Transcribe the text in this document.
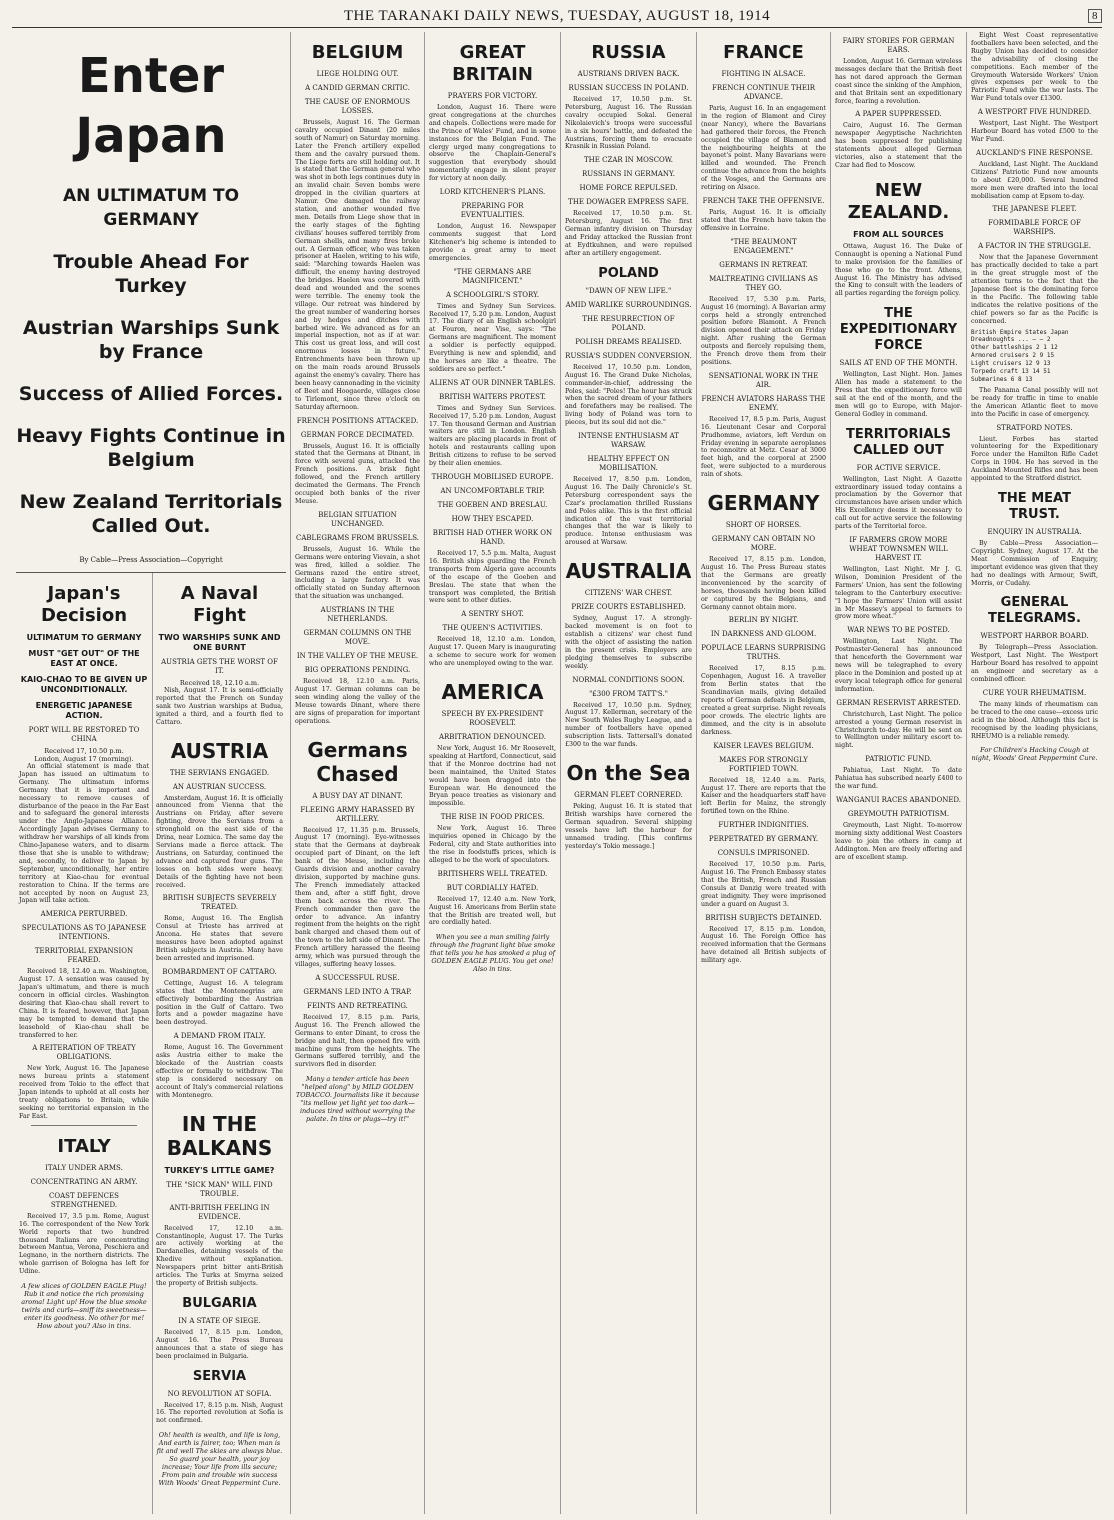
THE TARANAKI DAILY NEWS, TUESDAY, AUGUST 18, 1914	8
Enter Japan
AN ULTIMATUM TO GERMANY
Trouble Ahead For Turkey
Austrian Warships Sunk by France
Success of Allied Forces.
Heavy Fights Continue in Belgium
New Zealand Territorials Called Out.
By Cable—Press Association—Copyright
Japan's Decision
ULTIMATUM TO GERMANY
MUST "GET OUT" OF THE EAST AT ONCE.
KAIO-CHAO TO BE GIVEN UP UNCONDITIONALLY.
ENERGETIC JAPANESE ACTION.
PORT WILL BE RESTORED TO CHINA
Received 17, 10.50 p.m.
London, August 17 (morning).

An official statement is made that Japan has issued an ultimatum to Germany. The ultimatum informs Germany that it is important and necessary to remove causes of disturbance of the peace in the Far East and to safeguard the general interests under the Anglo-Japanese Alliance. Accordingly Japan advises Germany to withdraw her warships of all kinds from Chino-Japanese waters, and to disarm those that she is unable to withdraw; and, secondly, to deliver to Japan by September, unconditionally, her entire territory at Kiao-chau for eventual restoration to China. If the terms are not accepted by noon on August 23, Japan will take action.

AMERICA PERTURBED.
SPECULATIONS AS TO JAPANESE INTENTIONS.
TERRITORIAL EXPANSION FEARED.

Received 18, 12.40 a.m. Washington, August 17. A sensation was caused by Japan's ultimatum, and there is much concern in official circles. Washington desiring that Kiao-chau shall revert to China. It is feared, however, that Japan may be tempted to demand that the leasehold of Kiao-chau shall be transferred to her.

A REITERATION OF TREATY OBLIGATIONS.

New York, August 16. The Japanese news bureau prints a statement received from Tokio to the effect that Japan intends to uphold at all costs her treaty obligations to Britain, while seeking no territorial expansion in the Far East.

ITALY
ITALY UNDER ARMS.
CONCENTRATING AN ARMY.
COAST DEFENCES STRENGTHENED.

Received 17, 3.5 p.m. Rome, August 16. The correspondent of the New York World reports that two hundred thousand Italians are concentrating between Mantua, Verona, Peschiera and Legnano, in the northern districts. The whole garrison of Bologna has left for Udine.

A few slices of GOLDEN EAGLE Plug! Rub it and notice the rich promising aroma! Light up! How the blue smoke twirls and curls—sniff its sweetness—enter its goodness. No other for me! How about you? Also in tins.
A Naval Fight
TWO WARSHIPS SUNK AND ONE BURNT
AUSTRIA GETS THE WORST OF IT.
Received 18, 12.10 a.m.

Nish, August 17. It is semi-officially reported that the French on Sunday sank two Austrian warships at Budua, ignited a third, and a fourth fled to Cattaro.

AUSTRIA
THE SERVIANS ENGAGED.
AN AUSTRIAN SUCCESS.

Amsterdam, August 16. It is officially announced from Vienna that the Austrians on Friday, after severe fighting, drove the Servians from a stronghold on the east side of the Drina, near Loznica. The same day the Servians made a fierce attack. The Austrians, on Saturday, continued the advance and captured four guns. The losses on both sides were heavy. Details of the fighting have not been received.

BRITISH SUBJECTS SEVERELY TREATED.

Rome, August 16. The English Consul at Trieste has arrived at Ancona. He states that severe measures have been adopted against British subjects in Austria. Many have been arrested and imprisoned.

BOMBARDMENT OF CATTARO.

Cettinge, August 16. A telegram states that the Montenegrins are effectively bombarding the Austrian position in the Gulf of Cattaro. Two forts and a powder magazine have been destroyed.

A DEMAND FROM ITALY.

Rome, August 16. The Government asks Austria either to make the blockade of the Austrian coasts effective or formally to withdraw. The step is considered necessary on account of Italy's commercial relations with Montenegro.

IN THE BALKANS
TURKEY'S LITTLE GAME?
THE "SICK MAN" WILL FIND TROUBLE.
ANTI-BRITISH FEELING IN EVIDENCE.

Received 17, 12.10 a.m. Constantinople, August 17. The Turks are actively working at the Dardanelles, detaining vessels of the Khedive without explanation. Newspapers print bitter anti-British articles. The Turks at Smyrna seized the property of British subjects.

BULGARIA
IN A STATE OF SIEGE.

Received 17, 8.15 p.m. London, August 16. The Press Bureau announces that a state of siege has been proclaimed in Bulgaria.

SERVIA
NO REVOLUTION AT SOFIA.

Received 17, 8.15 p.m. Nish, August 16. The reported revolution at Sofia is not confirmed.

Oh! health is wealth, and life is long, And earth is fairer, too; When man is fit and well The skies are always blue. So guard your health, your joy increase; Your life from ills secure; From pain and trouble win success With Woods' Great Peppermint Cure.
BELGIUM
LIEGE HOLDING OUT.
A CANDID GERMAN CRITIC.
THE CAUSE OF ENORMOUS LOSSES.

Brussels, August 16. The German cavalry occupied Dinant (20 miles south of Namur) on Saturday morning. Later the French artillery expelled them and the cavalry pursued them. The Liege forts are still holding out. It is stated that the German general who was shot in both legs continues duty in an invalid chair. Seven bombs were dropped in the civilian quarters at Namur. One damaged the railway station, and another wounded five men. Details from Liege show that in the early stages of the fighting civilians' houses suffered terribly from German shells, and many fires broke out. A German officer, who was taken prisoner at Haelen, writing to his wife, said: "Marching towards Haelen was difficult, the enemy having destroyed the bridges. Haelen was covered with dead and wounded and the scenes were terrible. The enemy took the village. Our retreat was hindered by the great number of wandering horses and by hedges and ditches with barbed wire. We advanced as for an imperial inspection, not as if at war. This cost us great loss, and will cost enormous losses in future." Entrenchments have been thrown up on the main roads around Brussels against the enemy's cavalry. There has been heavy cannonading in the vicinity of Beet and Hoogaerde, villages close to Tirlemont, since three o'clock on Saturday afternoon.

FRENCH POSITIONS ATTACKED.
GERMAN FORCE DECIMATED.

Brussels, August 16. It is officially stated that the Germans at Dinant, in force with several guns, attacked the French positions. A brisk fight followed, and the French artillery decimated the Germans. The French occupied both banks of the river Meuse.

BELGIAN SITUATION UNCHANGED.
CABLEGRAMS FROM BRUSSELS.

Brussels, August 16. While the Germans were entering Vievain, a shot was fired, killed a soldier. The Germans razed the entire street, including a large factory. It was officially stated on Sunday afternoon that the situation was unchanged.

AUSTRIANS IN THE NETHERLANDS.
GERMAN COLUMNS ON THE MOVE.
IN THE VALLEY OF THE MEUSE.
BIG OPERATIONS PENDING.

Received 18, 12.10 a.m. Paris, August 17. German columns can be seen winding along the valley of the Meuse towards Dinant, where there are signs of preparation for important operations.

Germans Chased
A BUSY DAY AT DINANT.
FLEEING ARMY HARASSED BY ARTILLERY.

Received 17, 11.35 p.m. Brussels, August 17 (morning). Eye-witnesses state that the Germans at daybreak occupied part of Dinant, on the left bank of the Meuse, including the Guards division and another cavalry division, supported by machine guns. The French immediately attacked them and, after a stiff fight, drove them back across the river. The French commander then gave the order to advance. An infantry regiment from the heights on the right bank charged and chased them out of the town to the left side of Dinant. The French artillery harassed the fleeing army, which was pursued through the villages, suffering heavy losses.

A SUCCESSFUL RUSE.
GERMANS LED INTO A TRAP.
FEINTS AND RETREATING.

Received 17, 8.15 p.m. Paris, August 16. The French allowed the Germans to enter Dinant, to cross the bridge and halt, then opened fire with machine guns from the heights. The Germans suffered terribly, and the survivors fled in disorder.

Many a tender article has been "helped along" by MILD GOLDEN TOBACCO. Journalists like it because "its mellow yet light yet too dark—induces tired without worrying the palate. In tins or plugs—try it!"
GREAT BRITAIN
PRAYERS FOR VICTORY.

London, August 16. There were great congregations at the churches and chapels. Collections were made for the Prince of Wales' Fund, and in some instances for the Belgian Fund. The clergy urged many congregations to observe the Chaplain-General's suggestion that everybody should momentarily engage in silent prayer for victory at noon daily.

LORD KITCHENER'S PLANS.
PREPARING FOR EVENTUALITIES.

London, August 16. Newspaper comments suggest that Lord Kitchener's big scheme is intended to provide a great army to meet emergencies.

"THE GERMANS ARE MAGNIFICENT."
A SCHOOLGIRL'S STORY.

Times and Sydney Sun Services. Received 17, 5.20 p.m. London, August 17. The diary of an English schoolgirl at Fouron, near Vise, says: "The Germans are magnificent. The moment a soldier is perfectly equipped. Everything is new and splendid, and the horses are like a theatre. The soldiers are so perfect."

ALIENS AT OUR DINNER TABLES.
BRITISH WAITERS PROTEST.

Times and Sydney Sun Services. Received 17, 5.20 p.m. London, August 17. Ten thousand German and Austrian waiters are still in London. English waiters are placing placards in front of hotels and restaurants calling upon British citizens to refuse to be served by their alien enemies.

THROUGH MOBILISED EUROPE.
AN UNCOMFORTABLE TRIP.
THE GOEBEN AND BRESLAU.
HOW THEY ESCAPED.
BRITISH HAD OTHER WORK ON HAND.

Received 17, 5.5 p.m. Malta, August 16. British ships guarding the French transports from Algeria gave accounts of the escape of the Goeben and Breslau. The state that when the transport was completed, the British were sent to other duties.

A SENTRY SHOT.
THE QUEEN'S ACTIVITIES.

Received 18, 12.10 a.m. London, August 17. Queen Mary is inaugurating a scheme to secure work for women who are unemployed owing to the war.

AMERICA
SPEECH BY EX-PRESIDENT ROOSEVELT.
ARBITRATION DENOUNCED.

New York, August 16. Mr Roosevelt, speaking at Hartford, Connecticut, said that if the Monroe doctrine had not been maintained, the United States would have been dragged into the European war. He denounced the Bryan peace treaties as visionary and impossible.

THE RISE IN FOOD PRICES.

New York, August 16. Three inquiries opened in Chicago by the Federal, city and State authorities into the rise in foodstuffs prices, which is alleged to be the work of speculators.

BRITISHERS WELL TREATED.
BUT CORDIALLY HATED.

Received 17, 12.40 a.m. New York, August 16. Americans from Berlin state that the British are treated well, but are cordially hated.

When you see a man smiling fairly through the fragrant light blue smoke that tells you he has smoked a plug of GOLDEN EAGLE PLUG. You get one! Also in tins.
RUSSIA
AUSTRIANS DRIVEN BACK.
RUSSIAN SUCCESS IN POLAND.

Received 17, 10.50 p.m. St. Petersburg, August 16. The Russian cavalry occupied Sokal. General Nikolaievich's troops were successful in a six hours' battle, and defeated the Austrians, forcing them to evacuate Krasnik in Russian Poland.

THE CZAR IN MOSCOW.
RUSSIANS IN GERMANY.
HOME FORCE REPULSED.
THE DOWAGER EMPRESS SAFE.

Received 17, 10.50 p.m. St. Petersburg, August 16. The first German infantry division on Thursday and Friday attacked the Russian front at Eydtkuhnen, and were repulsed after an artillery engagement.

POLAND
"DAWN OF NEW LIFE."
AMID WARLIKE SURROUNDINGS.
THE RESURRECTION OF POLAND.
POLISH DREAMS REALISED.
RUSSIA'S SUDDEN CONVERSION.

Received 17, 10.50 p.m. London, August 16. The Grand Duke Nicholas, commander-in-chief, addressing the Poles, said: "Poles! The hour has struck when the sacred dream of your fathers and forefathers may be realised. The living body of Poland was torn to pieces, but its soul did not die."

INTENSE ENTHUSIASM AT WARSAW.
HEALTHY EFFECT ON MOBILISATION.

Received 17, 8.50 p.m. London, August 16. The Daily Chronicle's St. Petersburg correspondent says the Czar's proclamation thrilled Russians and Poles alike. This is the first official indication of the vast territorial changes that the war is likely to produce. Intense enthusiasm was aroused at Warsaw.

AUSTRALIA
CITIZENS' WAR CHEST.
PRIZE COURTS ESTABLISHED.

Sydney, August 17. A strongly-backed movement is on foot to establish a citizens' war chest fund with the object of assisting the nation in the present crisis. Employers are pledging themselves to subscribe weekly.

NORMAL CONDITIONS SOON.
"£300 FROM TATT'S."

Received 17, 10.50 p.m. Sydney, August 17. Kellerman, secretary of the New South Wales Rugby League, and a number of footballers have opened subscription lists. Tattersall's donated £300 to the war funds.

On the Sea
GERMAN FLEET CORNERED.

Peking, August 16. It is stated that British warships have cornered the German squadron. Several shipping vessels have left the harbour for unnamed trading. [This confirms yesterday's Tokio message.]

FRANCE
FIGHTING IN ALSACE.
FRENCH CONTINUE THEIR ADVANCE.

Paris, August 16. In an engagement in the region of Blamont and Cirey (near Nancy), where the Bavarians had gathered their forces, the French occupied the village of Blamont and the neighbouring heights at the bayonet's point. Many Bavarians were killed and wounded. The French continue the advance from the heights of the Vosges, and the Germans are retiring on Alsace.

FRENCH TAKE THE OFFENSIVE.

Paris, August 16. It is officially stated that the French have taken the offensive in Lorraine.

"THE BEAUMONT ENGAGEMENT."
GERMANS IN RETREAT.
MALTREATING CIVILIANS AS THEY GO.

Received 17, 5.30 p.m. Paris, August 16 (morning). A Bavarian army corps held a strongly entrenched position before Blamont. A French division opened their attack on Friday night. After rushing the German outposts and fiercely repulsing them, the French drove them from their positions.

SENSATIONAL WORK IN THE AIR.
FRENCH AVIATORS HARASS THE ENEMY.

Received 17, 8.5 p.m. Paris, August 16. Lieutenant Cesar and Corporal Prudhomme, aviators, left Verdun on Friday evening in separate aeroplanes to reconnoitre at Metz. Cesar at 3000 feet high, and the corporal at 2500 feet, were subjected to a murderous rain of shots.

GERMANY
SHORT OF HORSES.
GERMANY CAN OBTAIN NO MORE.

Received 17, 8.15 p.m. London, August 16. The Press Bureau states that the Germans are greatly inconvenienced by the scarcity of horses, thousands having been killed or captured by the Belgians, and Germany cannot obtain more.

BERLIN BY NIGHT.
IN DARKNESS AND GLOOM.
POPULACE LEARNS SURPRISING TRUTHS.

Received 17, 8.15 p.m. Copenhagen, August 16. A traveller from Berlin states that the Scandinavian mails, giving detailed reports of German defeats in Belgium, created a great surprise. Night reveals poor crowds. The electric lights are dimmed, and the city is in absolute darkness.

KAISER LEAVES BELGIUM.
MAKES FOR STRONGLY FORTIFIED TOWN.

Received 18, 12.40 a.m. Paris, August 17. There are reports that the Kaiser and the headquarters staff have left Berlin for Mainz, the strongly fortified town on the Rhine.

FURTHER INDIGNITIES.
PERPETRATED BY GERMANY.
CONSULS IMPRISONED.

Received 17, 10.50 p.m. Paris, August 16. The French Embassy states that the British, French and Russian Consuls at Danzig were treated with great indignity. They were imprisoned under a guard on August 3.

BRITISH SUBJECTS DETAINED.

Received 17, 8.15 p.m. London, August 16. The Foreign Office has received information that the Germans have detained all British subjects of military age.

FAIRY STORIES FOR GERMAN EARS.

London, August 16. German wireless messages declare that the British fleet has not dared approach the German coast since the sinking of the Amphion, and that Britain sent an expeditionary force, fearing a revolution.

A PAPER SUPPRESSED.

Cairo, August 16. The German newspaper Aegyptische Nachrichten has been suppressed for publishing statements about alleged German victories, also a statement that the Czar had fled to Moscow.

NEW ZEALAND.
FROM ALL SOURCES

Ottawa, August 16. The Duke of Connaught is opening a National Fund to make provision for the families of those who go to the front. Athens, August 16. The Ministry has advised the King to consult with the leaders of all parties regarding the foreign policy.

THE EXPEDITIONARY FORCE
SAILS AT END OF THE MONTH.

Wellington, Last Night. Hon. James Allen has made a statement to the Press that the expeditionary force will sail at the end of the month, and the men will go to Europe, with Major-General Godley in command.

TERRITORIALS CALLED OUT
FOR ACTIVE SERVICE.

Wellington, Last Night. A Gazette extraordinary issued today contains a proclamation by the Governor that circumstances have arisen under which His Excellency deems it necessary to call out for active service the following parts of the Territorial force.

IF FARMERS GROW MORE WHEAT TOWNSMEN WILL HARVEST IT.

Wellington, Last Night. Mr J. G. Wilson, Dominion President of the Farmers' Union, has sent the following telegram to the Canterbury executive: "I hope the Farmers' Union will assist in Mr Massey's appeal to farmers to grow more wheat."

WAR NEWS TO BE POSTED.

Wellington, Last Night. The Postmaster-General has announced that henceforth the Government war news will be telegraphed to every place in the Dominion and posted up at every local telegraph office for general information.

GERMAN RESERVIST ARRESTED.

Christchurch, Last Night. The police arrested a young German reservist in Christchurch to-day. He will be sent on to Wellington under military escort to-night.

PATRIOTIC FUND.

Pahiatua, Last Night. To date Pahiatua has subscribed nearly £400 to the war fund.

WANGANUI RACES ABANDONED.
GREYMOUTH PATRIOTISM.

Greymouth, Last Night. To-morrow morning sixty additional West Coasters leave to join the others in camp at Addington. Men are freely offering and are of excellent stamp.

Eight West Coast representative footballers have been selected, and the Rugby Union has decided to consider the advisability of closing the competitions. Each member of the Greymouth Waterside Workers' Union gives expenses per week to the Patriotic Fund while the war lasts. The War Fund totals over £1300.

A WESTPORT FIVE HUNDRED.

Westport, Last Night. The Westport Harbour Board has voted £500 to the War Fund.

AUCKLAND'S FINE RESPONSE.

Auckland, Last Night. The Auckland Citizens' Patriotic Fund now amounts to about £20,000. Several hundred more men were drafted into the local mobilisation camp at Epsom to-day.

THE JAPANESE FLEET.
FORMIDABLE FORCE OF WARSHIPS.
A FACTOR IN THE STRUGGLE.

Now that the Japanese Government has practically decided to take a part in the great struggle most of the attention turns to the fact that the Japanese fleet is the dominating force in the Pacific. The following table indicates the relative positions of the chief powers so far as the Pacific is concerned.

British Empire States Japan
Dreadnoughts ... — — 2
Other battleships 2 1 12
Armored cruisers 2 9 15
Light cruisers 12 9 13
Torpedo craft 13 14 51
Submarines 6 8 13

The Panama Canal possibly will not be ready for traffic in time to enable the American Atlantic fleet to move into the Pacific in case of emergency.

STRATFORD NOTES.

Lieut. Forbes has started volunteering for the Expeditionary Force under the Hamilton Rifle Cadet Corps in 1904. He has served in the Auckland Mounted Rifles and has been appointed to the Stratford district.

THE MEAT TRUST.
ENQUIRY IN AUSTRALIA.

By Cable—Press Association—Copyright. Sydney, August 17. At the Meat Commission of Enquiry, important evidence was given that they had no dealings with Armour, Swift, Morris, or Cudahy.

GENERAL TELEGRAMS.
WESTPORT HARBOR BOARD.

By Telegraph—Press Association. Westport, Last Night. The Westport Harbour Board has resolved to appoint an engineer and secretary as a combined officer.

CURE YOUR RHEUMATISM.

The many kinds of rheumatism can be traced to the one cause—excess uric acid in the blood. Although this fact is recognised by the leading physicians, RHEUMO is a reliable remedy.

For Children's Hacking Cough at night, Woods' Great Peppermint Cure.
